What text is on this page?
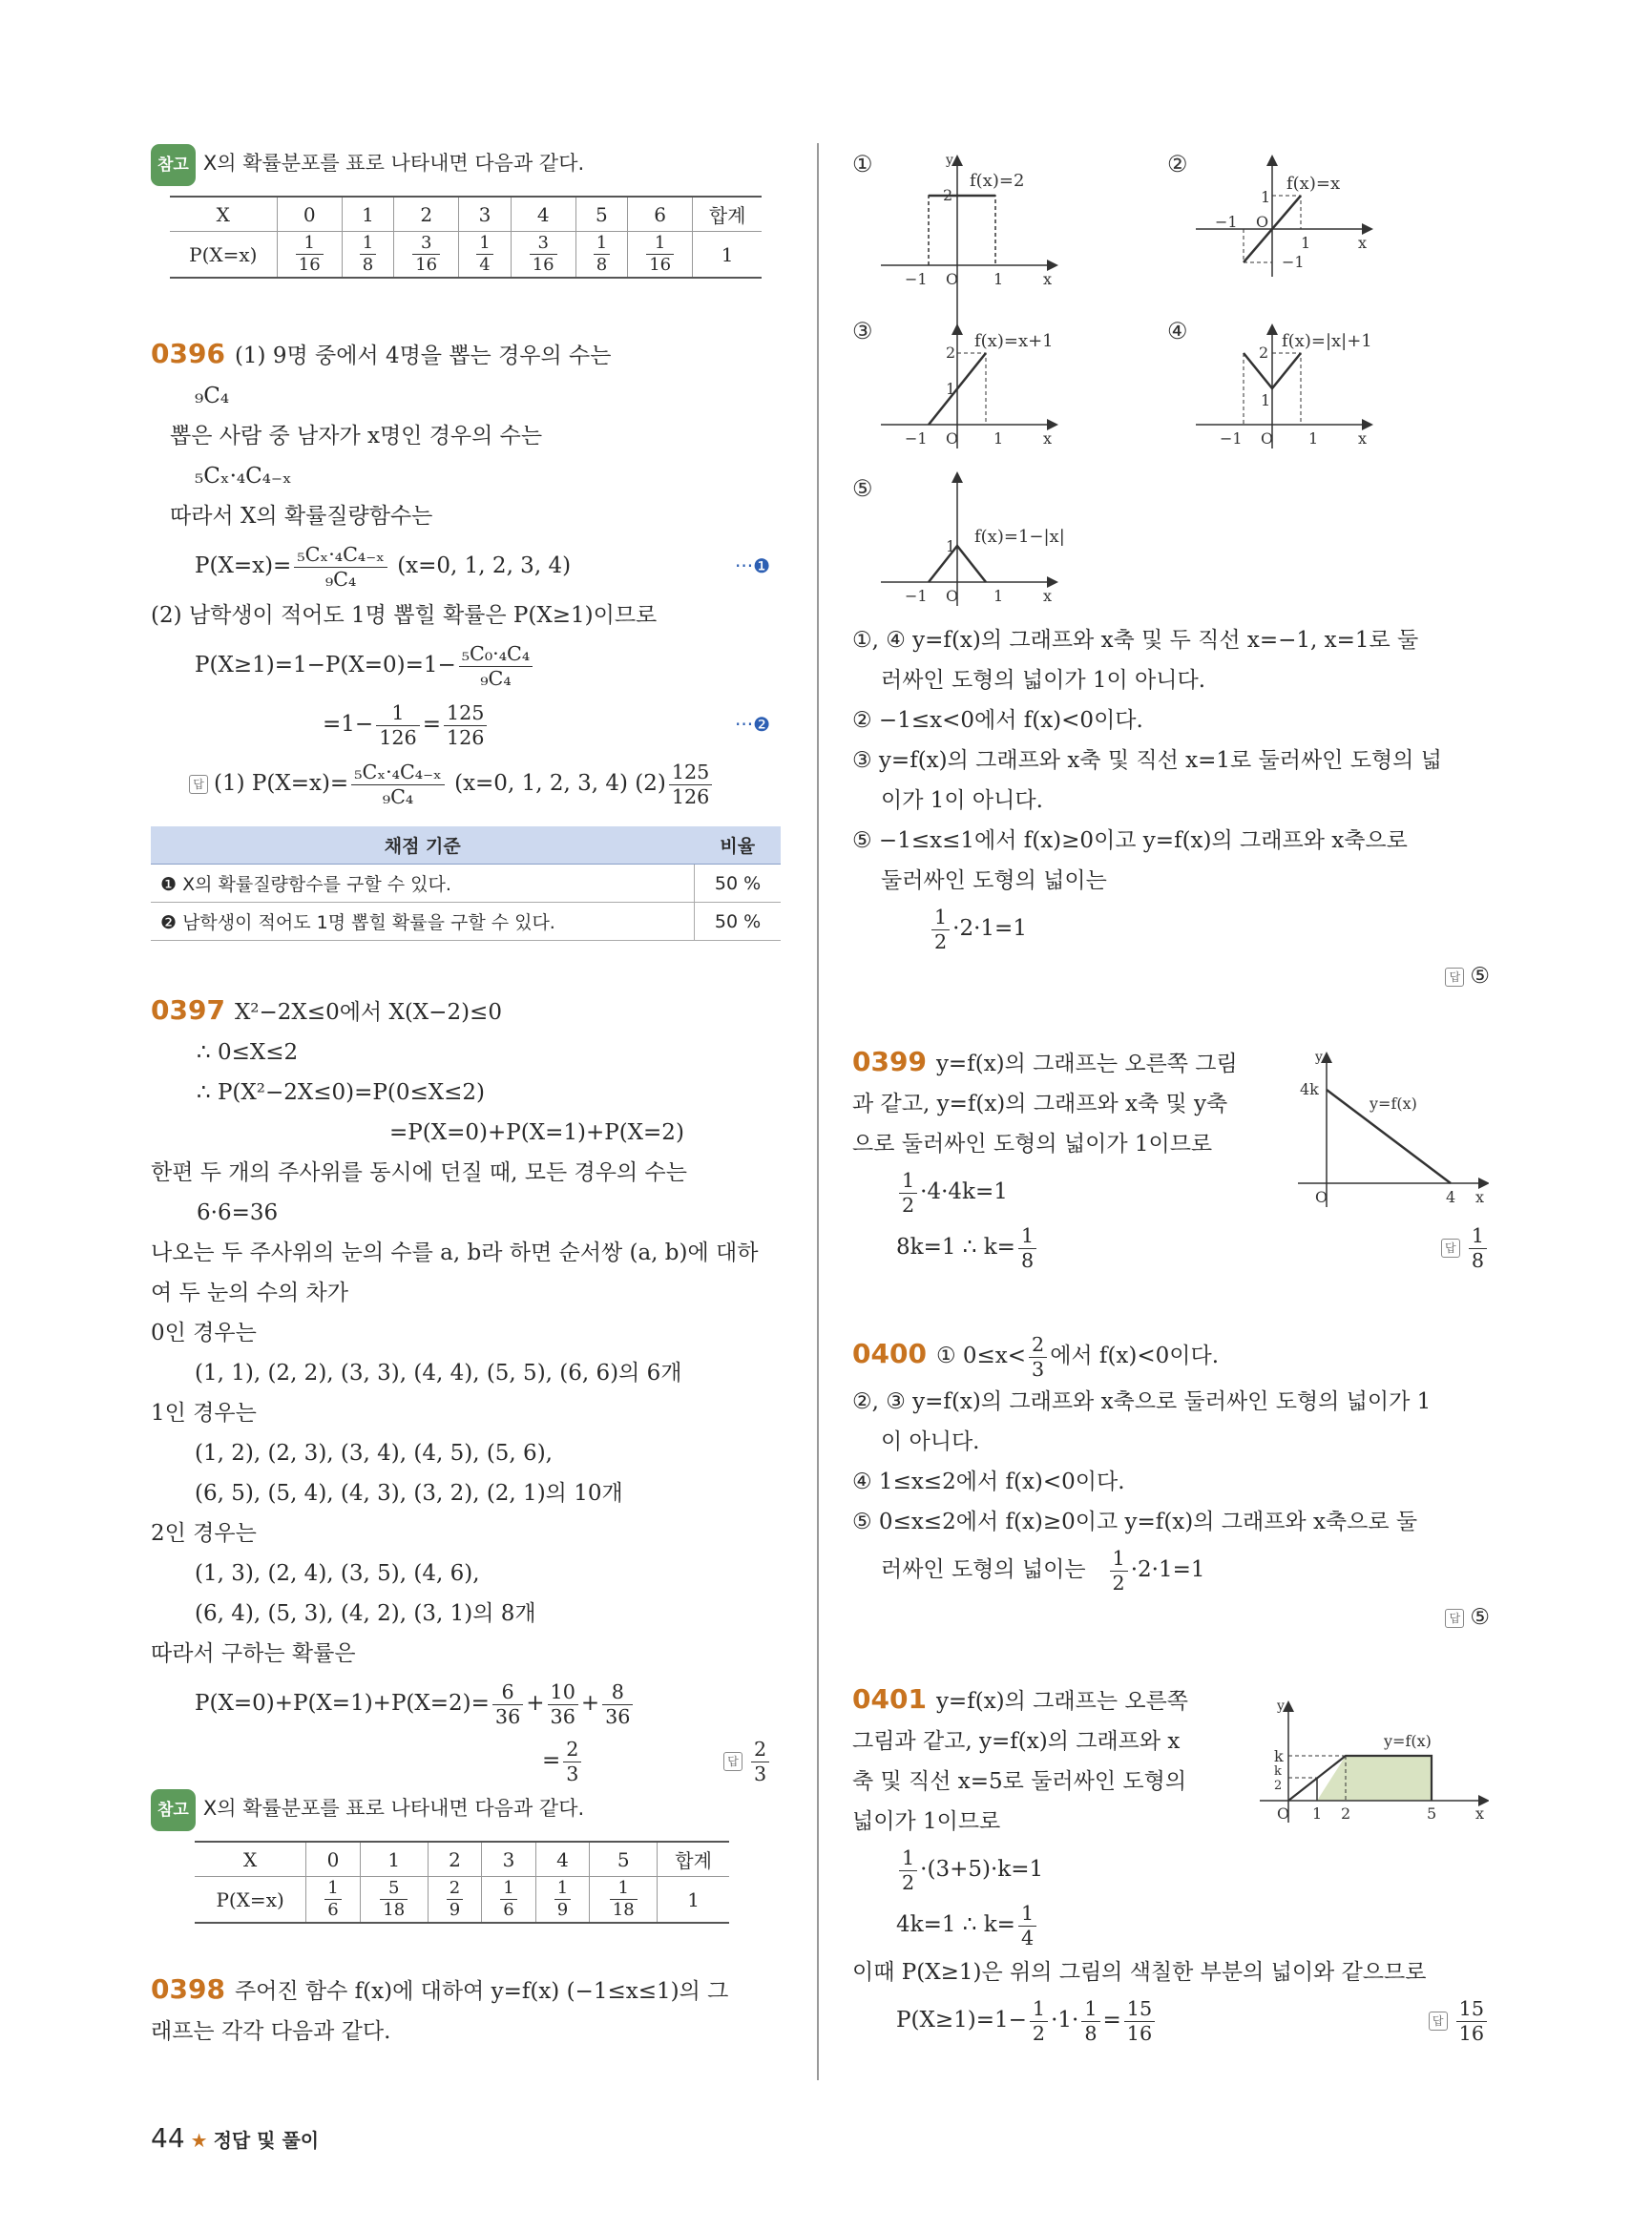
참고 X의 확률분포를 표로 나타내면 다음과 같다.
X	0	1	2	3	4	5	6	합계
P(X=x)	$\frac{1}{16}$	$\frac{1}{8}$	$\frac{3}{16}$	$\frac{1}{4}$	$\frac{3}{16}$	$\frac{1}{8}$	$\frac{1}{16}$	1
0396 (1) 9명 중에서 4명을 뽑는 경우의 수는
₉C₄
뽑은 사람 중 남자가 x명인 경우의 수는
₅Cₓ·₄C₄₋ₓ
따라서 X의 확률질량함수는
$P(X=x)= \frac{\text{₅Cₓ·₄C₄₋ₓ}}{\text{₉C₄}} (x=0$, 1, 2, 3, 4)	···❶
(2) 남학생이 적어도 1명 뽑힐 확률은 P(X≥1)이므로
$P(X\ge 1)=1-P(X=0)=1- \frac{\text{₅C₀·₄C₄}}{\text{₉C₄}}$
$=1- \frac{1}{126} = \frac{125}{126}$	···❷
답 (1) $P(X=x)= \frac{\text{₅Cₓ·₄C₄₋ₓ}}{\text{₉C₄}} (x=0$, 1, 2, 3, 4) $(2) \frac{125}{126}$
채점 기준	비율
❶ X의 확률질량함수를 구할 수 있다.	50 %
❷ 남학생이 적어도 1명 뽑힐 확률을 구할 수 있다.	50 %
0397 X²−2X≤0에서 X(X−2)≤0
∴ 0≤X≤2
∴ P(X²−2X≤0)=P(0≤X≤2)
=P(X=0)+P(X=1)+P(X=2)
한편 두 개의 주사위를 동시에 던질 때, 모든 경우의 수는
6·6=36
나오는 두 주사위의 눈의 수를 a, b라 하면 순서쌍 (a, b)에 대하
여 두 눈의 수의 차가
0인 경우는
(1, 1), (2, 2), (3, 3), (4, 4), (5, 5), (6, 6)의 6개
1인 경우는
(1, 2), (2, 3), (3, 4), (4, 5), (5, 6),
(6, 5), (5, 4), (4, 3), (3, 2), (2, 1)의 10개
2인 경우는
(1, 3), (2, 4), (3, 5), (4, 6),
(6, 4), (5, 3), (4, 2), (3, 1)의 8개
따라서 구하는 확률은
$P(X=0)+P(X=1)+P(X=2)= \frac{6}{36} + \frac{10}{36} + \frac{8}{36}$
= $\frac{2}{3}$	답 $\frac{2}{3}$
참고 X의 확률분포를 표로 나타내면 다음과 같다.
X	0	1	2	3	4	5	합계
P(X=x)	$\frac{1}{6}$	$\frac{5}{18}$	$\frac{2}{9}$	$\frac{1}{6}$	$\frac{1}{9}$	$\frac{1}{18}$	1
0398 주어진 함수 f(x)에 대하여 y=f(x) (−1≤x≤1)의 그
래프는 각각 다음과 같다.
①
f(x)=2
2
−1 O 1	x
y	②
f(x)=x
1
−1 O
1	x
−1
③	f(x)=x+1
2
1
−1 O 1	x
④	f(x)=|x|+1
2
1
−1 O 1	x
⑤
f(x)=1−|x|
1
−1 O 1	x
①, ④ y=f(x)의 그래프와 x축 및 두 직선 x=−1, x=1로 둘
러싸인 도형의 넓이가 1이 아니다.
② −1≤x<0에서 f(x)<0이다.
③ y=f(x)의 그래프와 x축 및 직선 x=1로 둘러싸인 도형의 넓
이가 1이 아니다.
⑤ −1≤x≤1에서 f(x)≥0이고 y=f(x)의 그래프와 x축으로
둘러싸인 도형의 넓이는
$\frac{1}{2} \cdot 2\cdot 1=1$
답 ⑤
0399 y=f(x)의 그래프는 오른쪽 그림
과 같고, y=f(x)의 그래프와 x축 및 y축
으로 둘러싸인 도형의 넓이가 1이므로
$\frac{1}{2} \cdot 4\cdot 4k=1$
8k=1 ∴ $k= \frac{1}{8}$	답 $\frac{1}{8}$
0400 ① $0\le x< \frac{2}{3}$ 에서 f(x)<0이다.
②, ③ y=f(x)의 그래프와 x축으로 둘러싸인 도형의 넓이가 1
이 아니다.
④ 1≤x≤2에서 f(x)<0이다.
⑤ 0≤x≤2에서 f(x)≥0이고 y=f(x)의 그래프와 x축으로 둘
러싸인 도형의 넓이는 $\frac{1}{2} \cdot 2\cdot 1=1$
답 ⑤
0401 y=f(x)의 그래프는 오른쪽
그림과 같고, y=f(x)의 그래프와 x
축 및 직선 x=5로 둘러싸인 도형의
넓이가 1이므로
$\frac{1}{2} \cdot(3+5)\cdot k=1$
4k=1 ∴ $k= \frac{1}{4}$
이때 P(X≥1)은 위의 그림의 색칠한 부분의 넓이와 같으므로
$P(X\ge 1)=1- \frac{1}{2} \cdot 1\cdot \frac{1}{8} = \frac{15}{16}$	답 $\frac{15}{16}$
y
4k
y=f(x)
O	4 x
y
k
k
2
y=f(x)
O 1 2	5	x
44 ★ 정답 및 풀이
